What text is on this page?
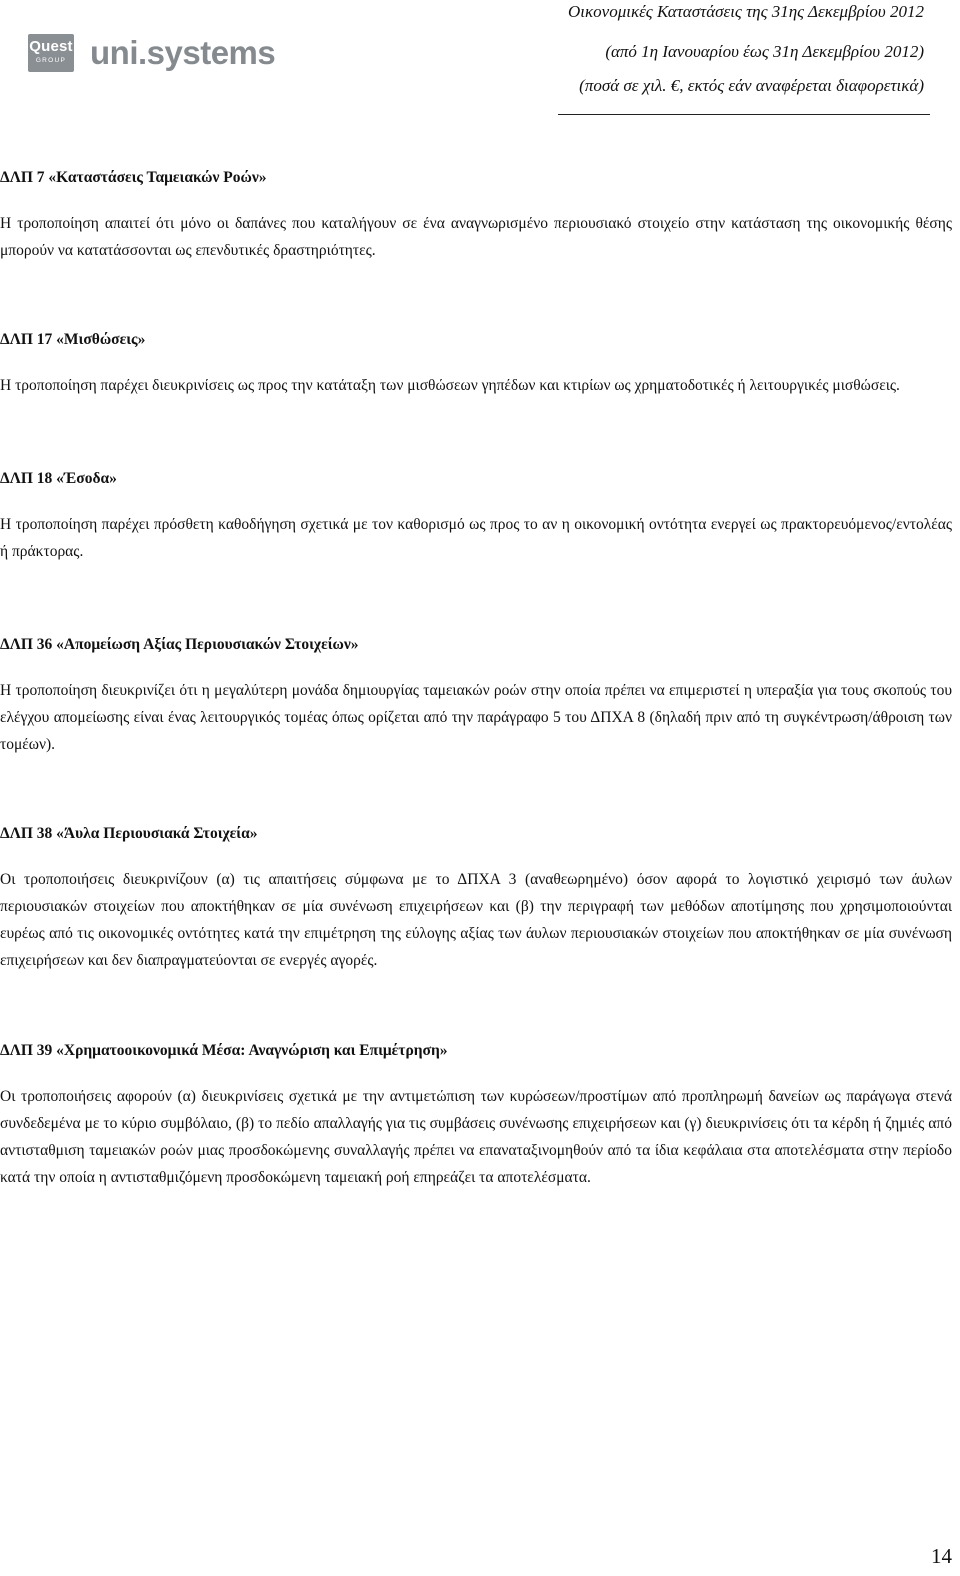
Quest
GROUP uni.systems
Οικονομικές Καταστάσεις της 31ης Δεκεμβρίου 2012
(από 1η Ιανουαρίου έως 31η Δεκεμβρίου 2012)
(ποσά σε χιλ. €, εκτός εάν αναφέρεται διαφορετικά)
ΔΛΠ 7 «Καταστάσεις Ταμειακών Ροών»

Η τροποποίηση απαιτεί ότι μόνο οι δαπάνες που καταλήγουν σε ένα αναγνωρισμένο περιουσιακό στοιχείο στην κατάσταση της οικονομικής θέσης μπορούν να κατατάσσονται ως επενδυτικές δραστηριότητες.

ΔΛΠ 17 «Μισθώσεις»

Η τροποποίηση παρέχει διευκρινίσεις ως προς την κατάταξη των μισθώσεων γηπέδων και κτιρίων ως χρηματοδοτικές ή λειτουργικές μισθώσεις.

ΔΛΠ 18 «Έσοδα»

Η τροποποίηση παρέχει πρόσθετη καθοδήγηση σχετικά με τον καθορισμό ως προς το αν η οικονομική οντότητα ενεργεί ως πρακτορευόμενος/εντολέας ή πράκτορας.

ΔΛΠ 36 «Απομείωση Αξίας Περιουσιακών Στοιχείων»

Η τροποποίηση διευκρινίζει ότι η μεγαλύτερη μονάδα δημιουργίας ταμειακών ροών στην οποία πρέπει να επιμεριστεί η υπεραξία για τους σκοπούς του ελέγχου απομείωσης είναι ένας λειτουργικός τομέας όπως ορίζεται από την παράγραφο 5 του ΔΠΧΑ 8 (δηλαδή πριν από τη συγκέντρωση/άθροιση των τομέων).

ΔΛΠ 38 «Άυλα Περιουσιακά Στοιχεία»

Οι τροποποιήσεις διευκρινίζουν (α) τις απαιτήσεις σύμφωνα με το ΔΠΧΑ 3 (αναθεωρημένο) όσον αφορά το λογιστικό χειρισμό των άυλων περιουσιακών στοιχείων που αποκτήθηκαν σε μία συνένωση επιχειρήσεων και (β) την περιγραφή των μεθόδων αποτίμησης που χρησιμοποιούνται ευρέως από τις οικονομικές οντότητες κατά την επιμέτρηση της εύλογης αξίας των άυλων περιουσιακών στοιχείων που αποκτήθηκαν σε μία συνένωση επιχειρήσεων και δεν διαπραγματεύονται σε ενεργές αγορές.

ΔΛΠ 39 «Χρηματοοικονομικά Μέσα: Αναγνώριση και Επιμέτρηση»

Οι τροποποιήσεις αφορούν (α) διευκρινίσεις σχετικά με την αντιμετώπιση των κυρώσεων/προστίμων από προπληρωμή δανείων ως παράγωγα στενά συνδεδεμένα με το κύριο συμβόλαιο, (β) το πεδίο απαλλαγής για τις συμβάσεις συνένωσης επιχειρήσεων και (γ) διευκρινίσεις ότι τα κέρδη ή ζημιές από αντισταθμιση ταμειακών ροών μιας προσδοκώμενης συναλλαγής πρέπει να επαναταξινομηθούν από τα ίδια κεφάλαια στα αποτελέσματα στην περίοδο κατά την οποία η αντισταθμιζόμενη προσδοκώμενη ταμειακή ροή επηρεάζει τα αποτελέσματα.

14
